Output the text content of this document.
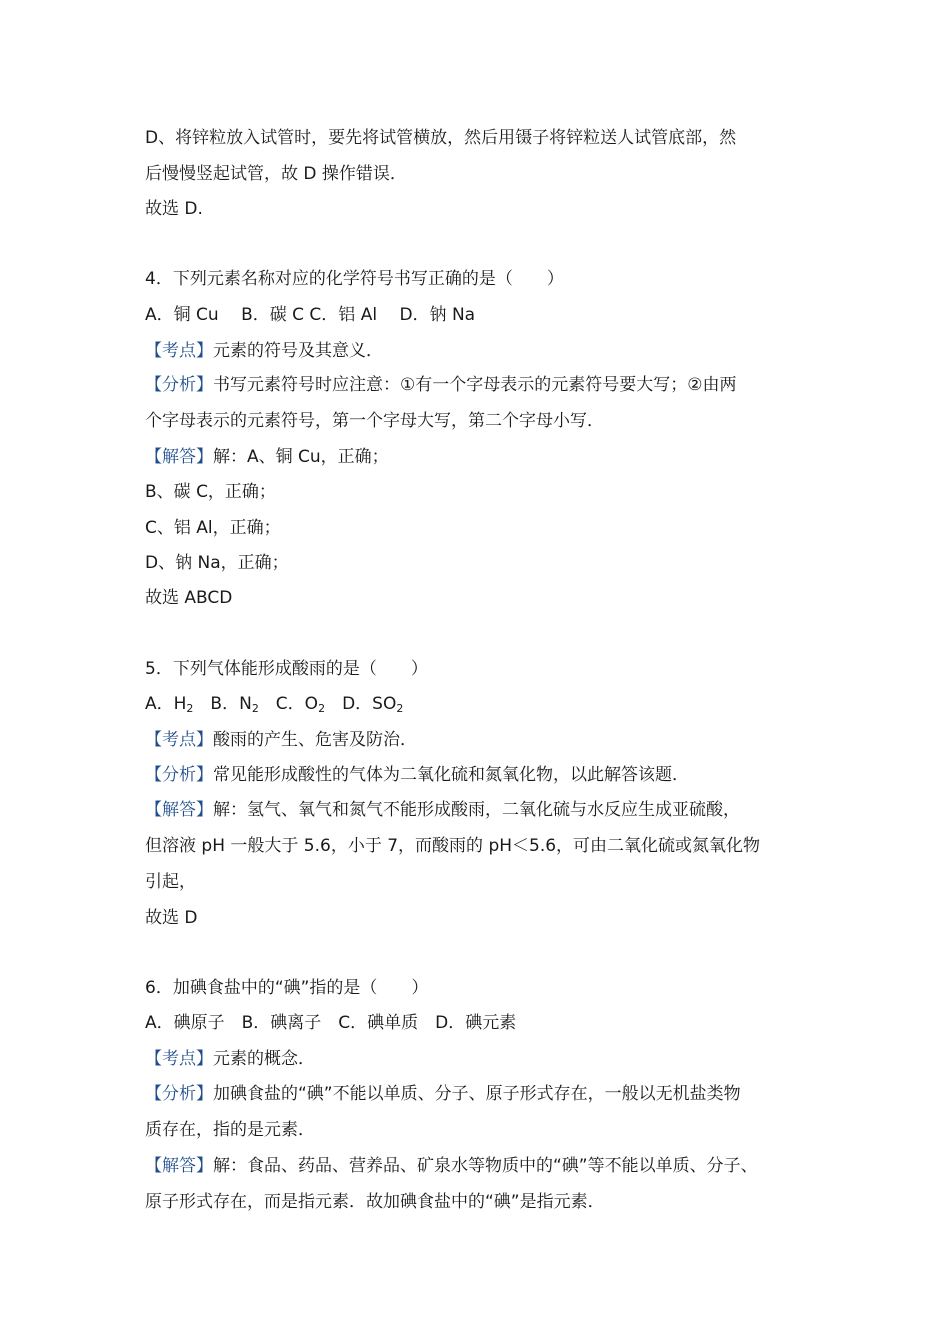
D、将锌粒放入试管时，要先将试管横放，然后用镊子将锌粒送人试管底部，然
后慢慢竖起试管，故 D 操作错误．
故选 D.
4．下列元素名称对应的化学符号书写正确的是（　　）
A．铜 Cu　 B．碳 C C．铝 Al　 D．钠 Na
【考点】元素的符号及其意义．
【分析】书写元素符号时应注意：①有一个字母表示的元素符号要大写；②由两
个字母表示的元素符号，第一个字母大写，第二个字母小写．
【解答】解：A、铜 Cu，正确；
B、碳 C，正确；
C、铝 Al，正确；
D、钠 Na，正确；
故选 ABCD
5．下列气体能形成酸雨的是（　　）
A．$H_2$　B．$N_2$　C．$O_2$　D．$SO_2$
【考点】酸雨的产生、危害及防治．
【分析】常见能形成酸性的气体为二氧化硫和氮氧化物，以此解答该题．
【解答】解：氢气、氧气和氮气不能形成酸雨，二氧化硫与水反应生成亚硫酸，
但溶液 pH 一般大于 5.6，小于 7，而酸雨的 pH＜5.6，可由二氧化硫或氮氧化物
引起，
故选 D
6．加碘食盐中的“碘”指的是（　　）
A．碘原子　B．碘离子　C．碘单质　D．碘元素
【考点】元素的概念．
【分析】加碘食盐的“碘”不能以单质、分子、原子形式存在，一般以无机盐类物
质存在，指的是元素．
【解答】解：食品、药品、营养品、矿泉水等物质中的“碘”等不能以单质、分子、
原子形式存在，而是指元素．故加碘食盐中的“碘”是指元素．
